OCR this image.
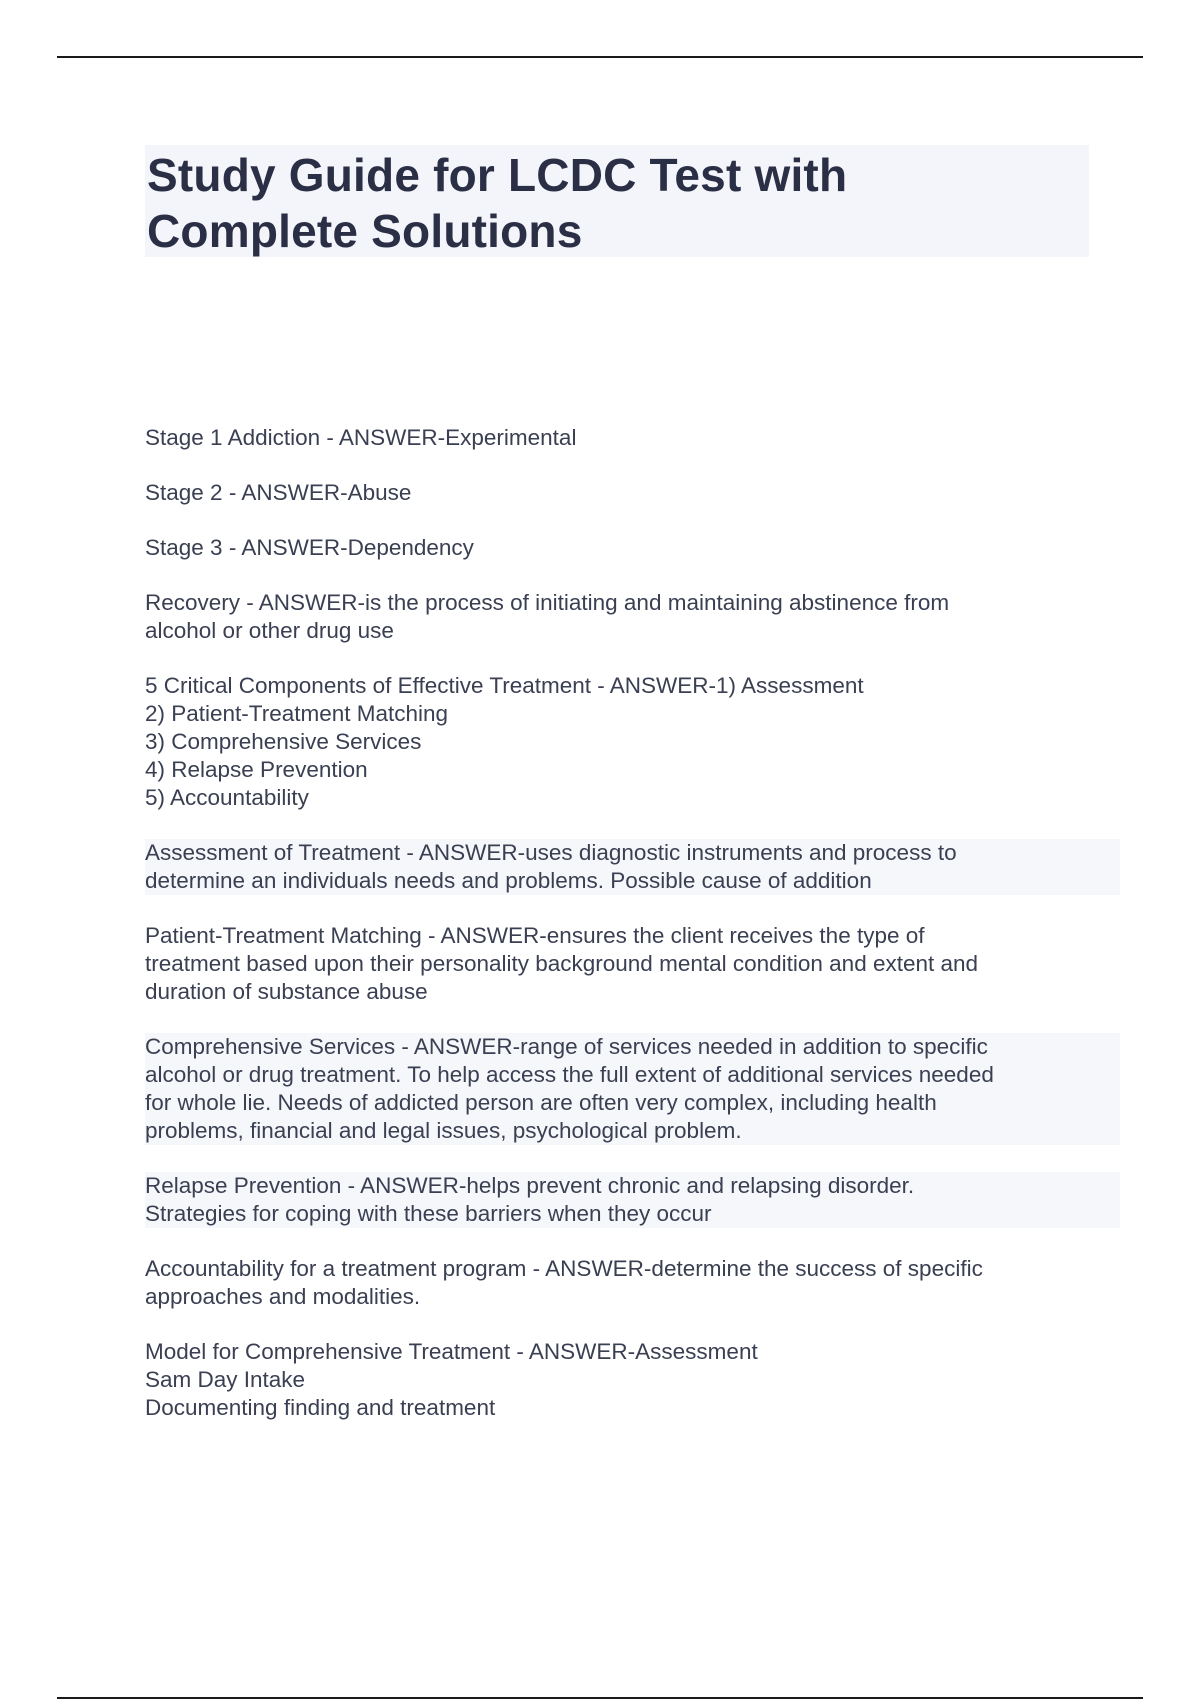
Study Guide for LCDC Test with
Complete Solutions

Stage 1 Addiction - ANSWER-Experimental

Stage 2 - ANSWER-Abuse

Stage 3 - ANSWER-Dependency

Recovery - ANSWER-is the process of initiating and maintaining abstinence from
alcohol or other drug use

5 Critical Components of Effective Treatment - ANSWER-1) Assessment
2) Patient-Treatment Matching
3) Comprehensive Services
4) Relapse Prevention
5) Accountability

Assessment of Treatment - ANSWER-uses diagnostic instruments and process to
determine an individuals needs and problems. Possible cause of addition

Patient-Treatment Matching - ANSWER-ensures the client receives the type of
treatment based upon their personality background mental condition and extent and
duration of substance abuse

Comprehensive Services - ANSWER-range of services needed in addition to specific
alcohol or drug treatment. To help access the full extent of additional services needed
for whole lie. Needs of addicted person are often very complex, including health
problems, financial and legal issues, psychological problem.

Relapse Prevention - ANSWER-helps prevent chronic and relapsing disorder.
Strategies for coping with these barriers when they occur

Accountability for a treatment program - ANSWER-determine the success of specific
approaches and modalities.

Model for Comprehensive Treatment - ANSWER-Assessment
Sam Day Intake
Documenting finding and treatment
